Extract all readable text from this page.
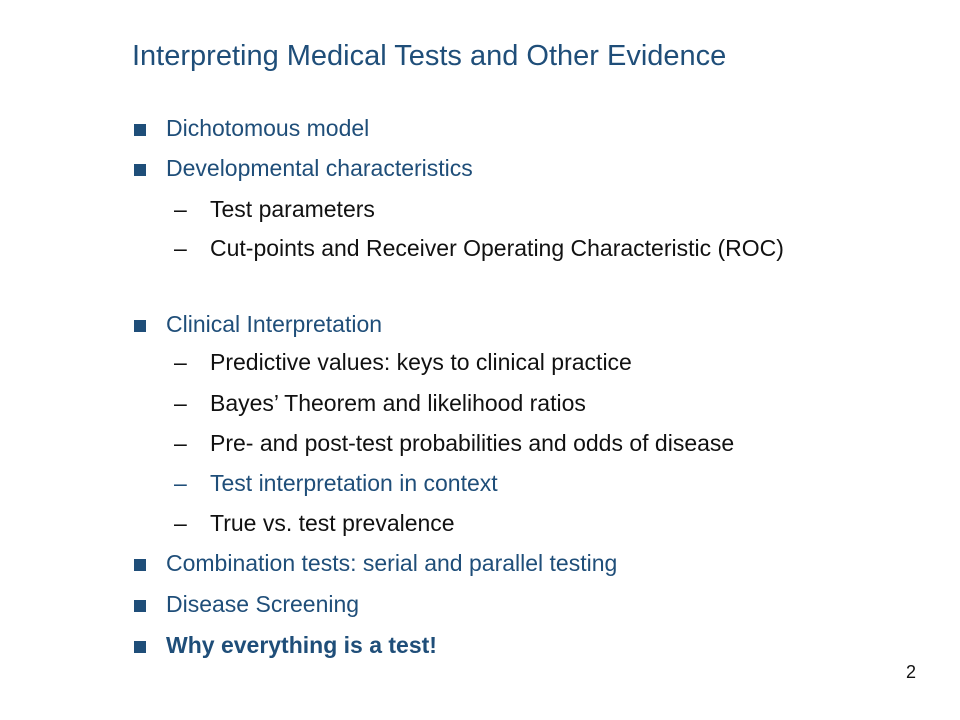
Interpreting Medical Tests and Other Evidence
Dichotomous model
Developmental characteristics
– Test parameters
– Cut-points and Receiver Operating Characteristic (ROC)
Clinical Interpretation
– Predictive values: keys to clinical practice
– Bayes’ Theorem and likelihood ratios
– Pre- and post-test probabilities and odds of disease
– Test interpretation in context
– True vs. test prevalence
Combination tests: serial and parallel testing
Disease Screening
Why everything is a test!
2
